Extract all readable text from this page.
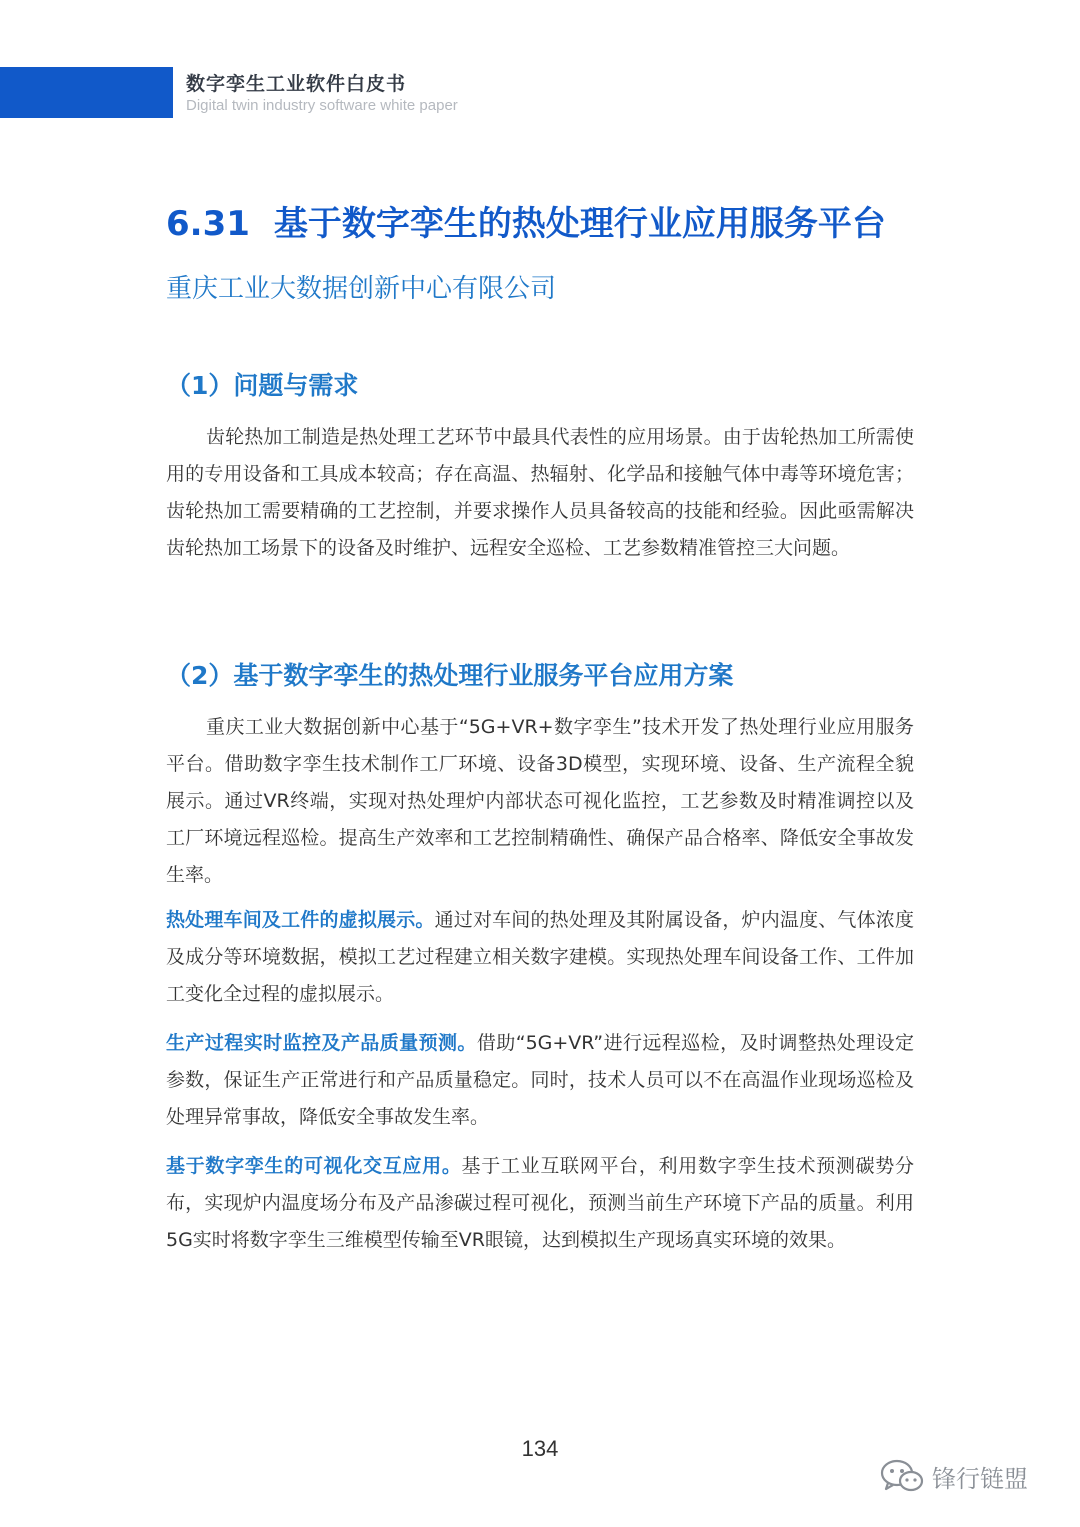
数字孪生工业软件白皮书
Digital twin industry software white paper
6.31 基于数字孪生的热处理行业应用服务平台
重庆工业大数据创新中心有限公司
（1）问题与需求

齿轮热加工制造是热处理工艺环节中最具代表性的应用场景。由于齿轮热加工所需使用的专用设备和工具成本较高；存在高温、热辐射、化学品和接触气体中毒等环境危害；齿轮热加工需要精确的工艺控制，并要求操作人员具备较高的技能和经验。因此亟需解决齿轮热加工场景下的设备及时维护、远程安全巡检、工艺参数精准管控三大问题。

（2）基于数字孪生的热处理行业服务平台应用方案

重庆工业大数据创新中心基于“5G+VR+数字孪生”技术开发了热处理行业应用服务平台。借助数字孪生技术制作工厂环境、设备3D模型，实现环境、设备、生产流程全貌展示。通过VR终端，实现对热处理炉内部状态可视化监控，工艺参数及时精准调控以及工厂环境远程巡检。提高生产效率和工艺控制精确性、确保产品合格率、降低安全事故发生率。

热处理车间及工件的虚拟展示。通过对车间的热处理及其附属设备，炉内温度、气体浓度及成分等环境数据，模拟工艺过程建立相关数字建模。实现热处理车间设备工作、工件加工变化全过程的虚拟展示。

生产过程实时监控及产品质量预测。借助“5G+VR”进行远程巡检，及时调整热处理设定参数，保证生产正常进行和产品质量稳定。同时，技术人员可以不在高温作业现场巡检及处理异常事故，降低安全事故发生率。

基于数字孪生的可视化交互应用。基于工业互联网平台，利用数字孪生技术预测碳势分布，实现炉内温度场分布及产品渗碳过程可视化，预测当前生产环境下产品的质量。利用5G实时将数字孪生三维模型传输至VR眼镜，达到模拟生产现场真实环境的效果。

134
锋行链盟
